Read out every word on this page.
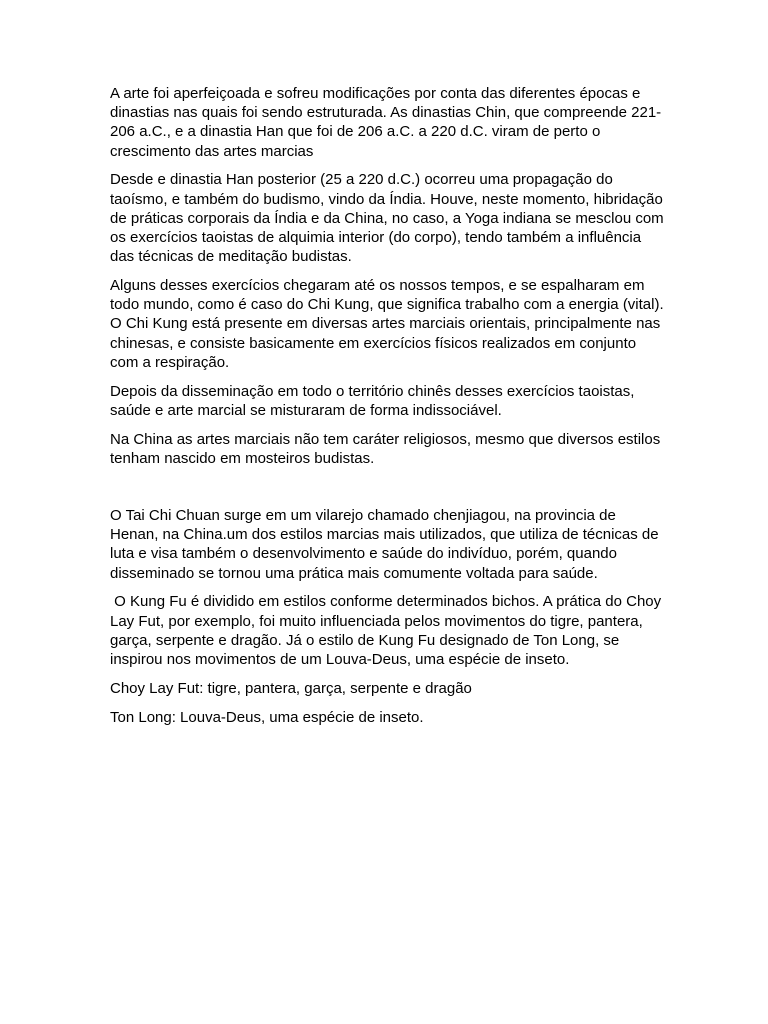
A arte foi aperfeiçoada e sofreu modificações por conta das diferentes épocas e dinastias nas quais foi sendo estruturada. As dinastias Chin, que compreende 221-206 a.C., e a dinastia Han que foi de 206 a.C. a 220 d.C. viram de perto o crescimento das artes marcias

Desde e dinastia Han posterior (25 a 220 d.C.) ocorreu uma propagação do taoísmo, e também do budismo, vindo da Índia. Houve, neste momento, hibridação de práticas corporais da Índia e da China, no caso, a Yoga indiana se mesclou com os exercícios taoistas de alquimia interior (do corpo), tendo também a influência das técnicas de meditação budistas.

Alguns desses exercícios chegaram até os nossos tempos, e se espalharam em todo mundo, como é caso do Chi Kung, que significa trabalho com a energia (vital). O Chi Kung está presente em diversas artes marciais orientais, principalmente nas chinesas, e consiste basicamente em exercícios físicos realizados em conjunto com a respiração.

Depois da disseminação em todo o território chinês desses exercícios taoistas, saúde e arte marcial se misturaram de forma indissociável.

Na China as artes marciais não tem caráter religiosos, mesmo que diversos estilos tenham nascido em mosteiros budistas.

O Tai Chi Chuan surge em um vilarejo chamado chenjiagou, na provincia de Henan, na China.um dos estilos marcias mais utilizados, que utiliza de técnicas de luta e visa também o desenvolvimento e saúde do indivíduo, porém, quando disseminado se tornou uma prática mais comumente voltada para saúde.

O Kung Fu é dividido em estilos conforme determinados bichos. A prática do Choy Lay Fut, por exemplo, foi muito influenciada pelos movimentos do tigre, pantera, garça, serpente e dragão. Já o estilo de Kung Fu designado de Ton Long, se inspirou nos movimentos de um Louva-Deus, uma espécie de inseto.

Choy Lay Fut: tigre, pantera, garça, serpente e dragão

Ton Long: Louva-Deus, uma espécie de inseto.
